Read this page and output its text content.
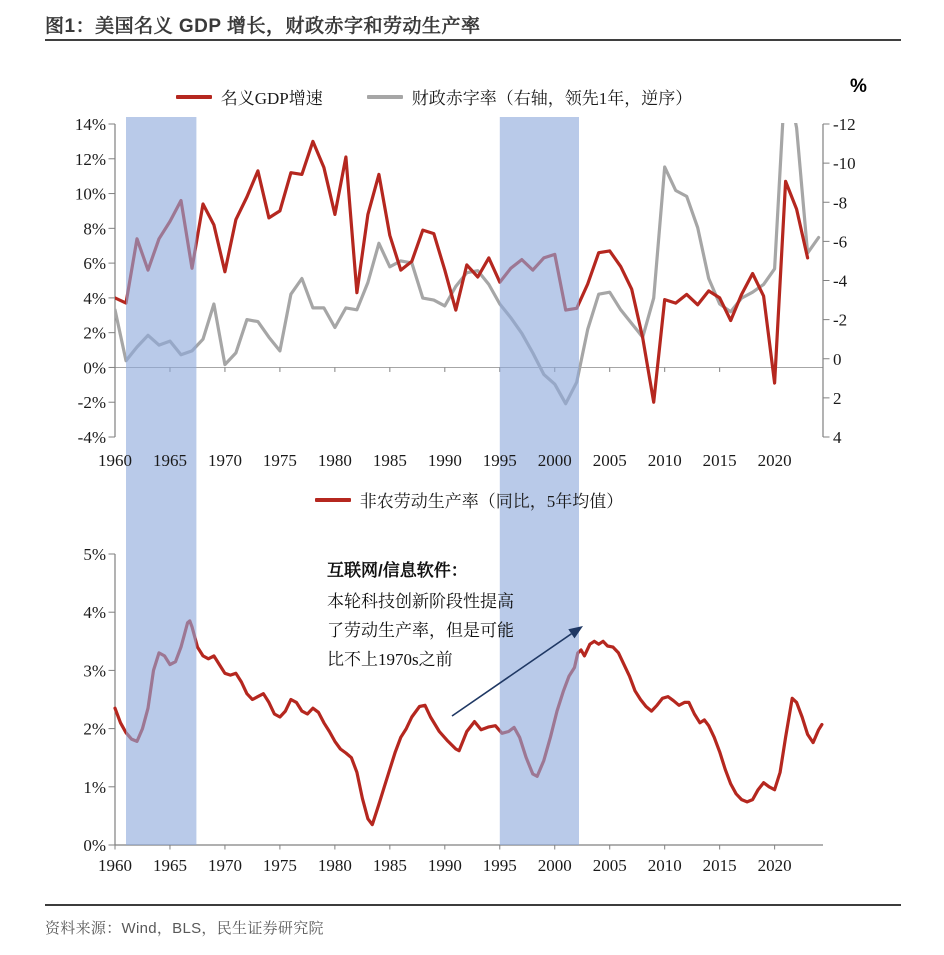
图1：美国名义 GDP 增长，财政赤字和劳动生产率
14%
12%
10%
8%
6%
4%
2%
0%
-2%
-4%
-12
-10
-8
-6
-4
-2
0
2
4
5%
4%
3%
2%
1%
0%
1960 1965 1970 1975 1980 1985 1990 1995 2000 2005 2010 2015 2020
1960 1965 1970 1975 1980 1985 1990 1995 2000 2005 2010 2015 2020
名义GDP增速	财政赤字率（右轴，领先1年，逆序）
%
非农劳动生产率（同比，5年均值）
互联网/信息软件：
本轮科技创新阶段性提高
了劳动生产率，但是可能
比不上1970s之前
资料来源：Wind，BLS，民生证券研究院
